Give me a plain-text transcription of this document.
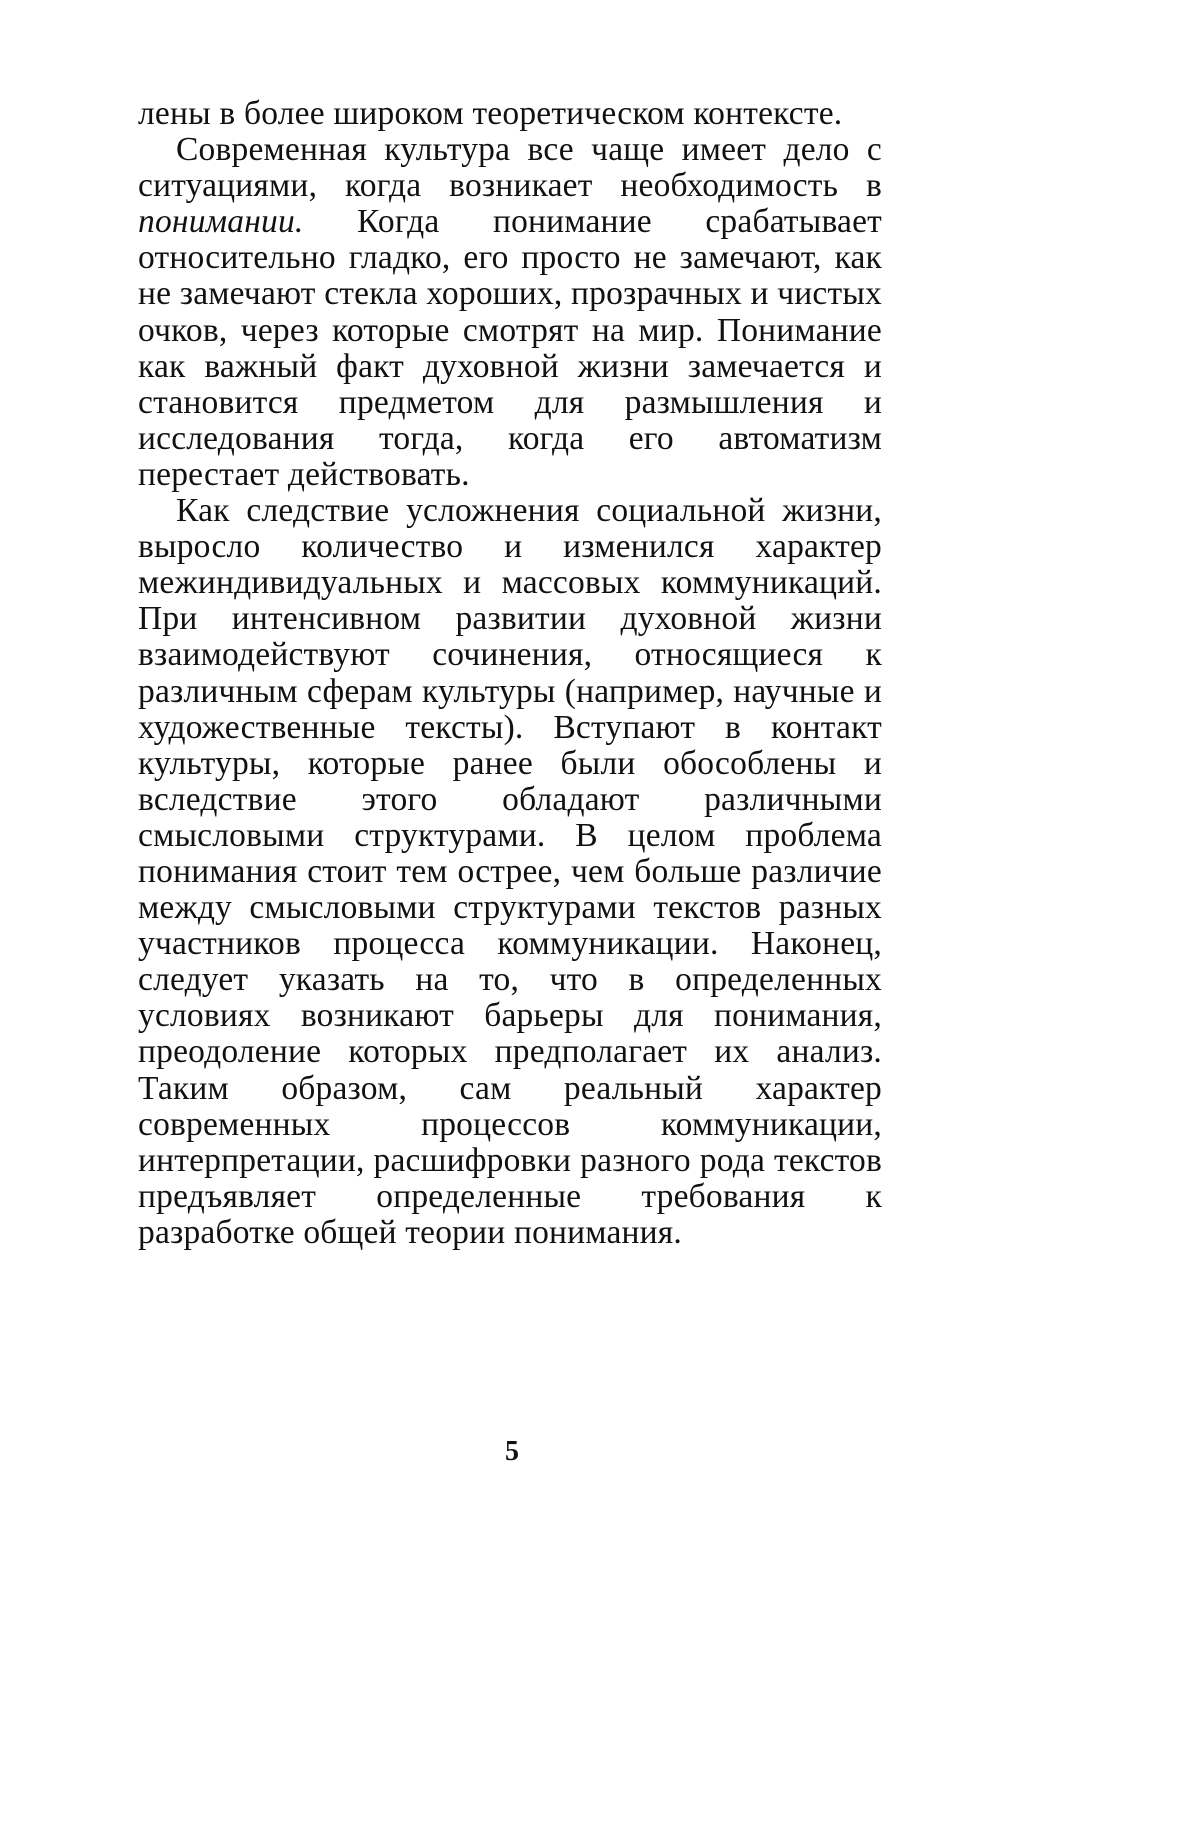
лены в более широком теоретическом контексте.

Современная культура все чаще имеет дело с ситуациями, когда возникает необходимость в понимании. Когда понимание срабатывает относительно гладко, его просто не замечают, как не замечают стекла хороших, прозрачных и чистых очков, через которые смотрят на мир. Понимание как важный факт духовной жизни замечается и становится предметом для размышления и исследования тогда, когда его автоматизм перестает действовать.

Как следствие усложнения социальной жизни, выросло количество и изменился характер межиндивидуальных и массовых коммуникаций. При интенсивном развитии духовной жизни взаимодействуют сочинения, относящиеся к различным сферам культуры (например, научные и художественные тексты). Вступают в контакт культуры, которые ранее были обособлены и вследствие этого обладают различными смысловыми структурами. В целом проблема понимания стоит тем острее, чем больше различие между смысловыми структурами текстов разных участников процесса коммуникации. Наконец, следует указать на то, что в определенных условиях возникают барьеры для понимания, преодоление которых предполагает их анализ. Таким образом, сам реальный характер современных процессов коммуникации, интерпретации, расшифровки разного рода текстов предъявляет определенные требования к разработке общей теории понимания.

5
